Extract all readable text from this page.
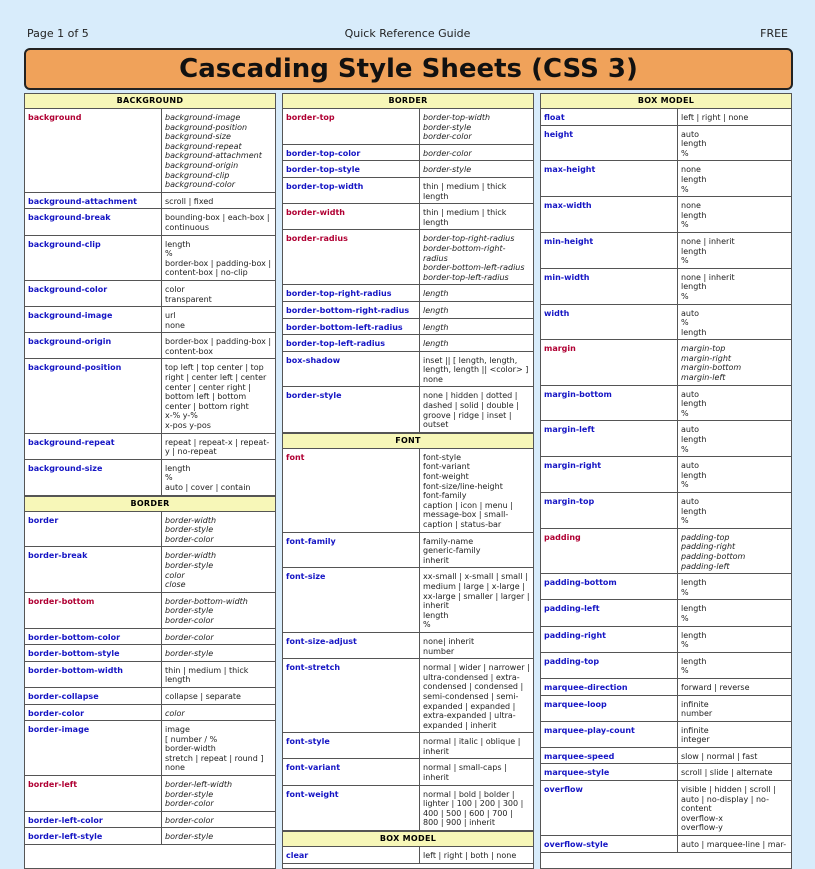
Page 1 of 5	Quick Reference Guide	FREE
Cascading Style Sheets (CSS 3)
BACKGROUND
background	background-image
background-position
background-size
background-repeat
background-attachment
background-origin
background-clip
background-color
background-attachment	scroll | fixed
background-break	bounding-box | each-box | continuous
background-clip	length
%
border-box | padding-box | content-box | no-clip
background-color	color
transparent
background-image	url
none
background-origin	border-box | padding-box | content-box
background-position	top left | top center | top right | center left | center center | center right | bottom left | bottom center | bottom right
x-% y-%
x-pos y-pos
background-repeat	repeat | repeat-x | repeat-y | no-repeat
background-size	length
%
auto | cover | contain
BORDER
border	border-width
border-style
border-color
border-break	border-width
border-style
color
close
border-bottom	border-bottom-width
border-style
border-color
border-bottom-color	border-color
border-bottom-style	border-style
border-bottom-width	thin | medium | thick
length
border-collapse	collapse | separate
border-color	color
border-image	image
[ number / %
border-width
stretch | repeat | round ]
none
border-left	border-left-width
border-style
border-color
border-left-color	border-color
border-left-style	border-style
BORDER
border-top	border-top-width
border-style
border-color
border-top-color	border-color
border-top-style	border-style
border-top-width	thin | medium | thick
length
border-width	thin | medium | thick
length
border-radius	border-top-right-radius
border-bottom-right-radius
border-bottom-left-radius
border-top-left-radius
border-top-right-radius	length
border-bottom-right-radius	length
border-bottom-left-radius	length
border-top-left-radius	length
box-shadow	inset || [ length, length, length, length || <color> ]
none
border-style	none | hidden | dotted | dashed | solid | double | groove | ridge | inset | outset
FONT
font	font-style
font-variant
font-weight
font-size/line-height
font-family
caption | icon | menu | message-box | small-caption | status-bar
font-family	family-name
generic-family
inherit
font-size	xx-small | x-small | small | medium | large | x-large | xx-large | smaller | larger | inherit
length
%
font-size-adjust	none| inherit
number
font-stretch	normal | wider | narrower | ultra-condensed | extra-condensed | condensed | semi-condensed | semi-expanded | expanded | extra-expanded | ultra-expanded | inherit
font-style	normal | italic | oblique | inherit
font-variant	normal | small-caps | inherit
font-weight	normal | bold | bolder | lighter | 100 | 200 | 300 | 400 | 500 | 600 | 700 | 800 | 900 | inherit
BOX MODEL
clear	left | right | both | none
BOX MODEL
float	left | right | none
height	auto
length
%
max-height	none
length
%
max-width	none
length
%
min-height	none | inherit
length
%
min-width	none | inherit
length
%
width	auto
%
length
margin	margin-top
margin-right
margin-bottom
margin-left
margin-bottom	auto
length
%
margin-left	auto
length
%
margin-right	auto
length
%
margin-top	auto
length
%
padding	padding-top
padding-right
padding-bottom
padding-left
padding-bottom	length
%
padding-left	length
%
padding-right	length
%
padding-top	length
%
marquee-direction	forward | reverse
marquee-loop	infinite
number
marquee-play-count	infinite
integer
marquee-speed	slow | normal | fast
marquee-style	scroll | slide | alternate
overflow	visible | hidden | scroll | auto | no-display | no-content
overflow-x
overflow-y
overflow-style	auto | marquee-line | mar-
